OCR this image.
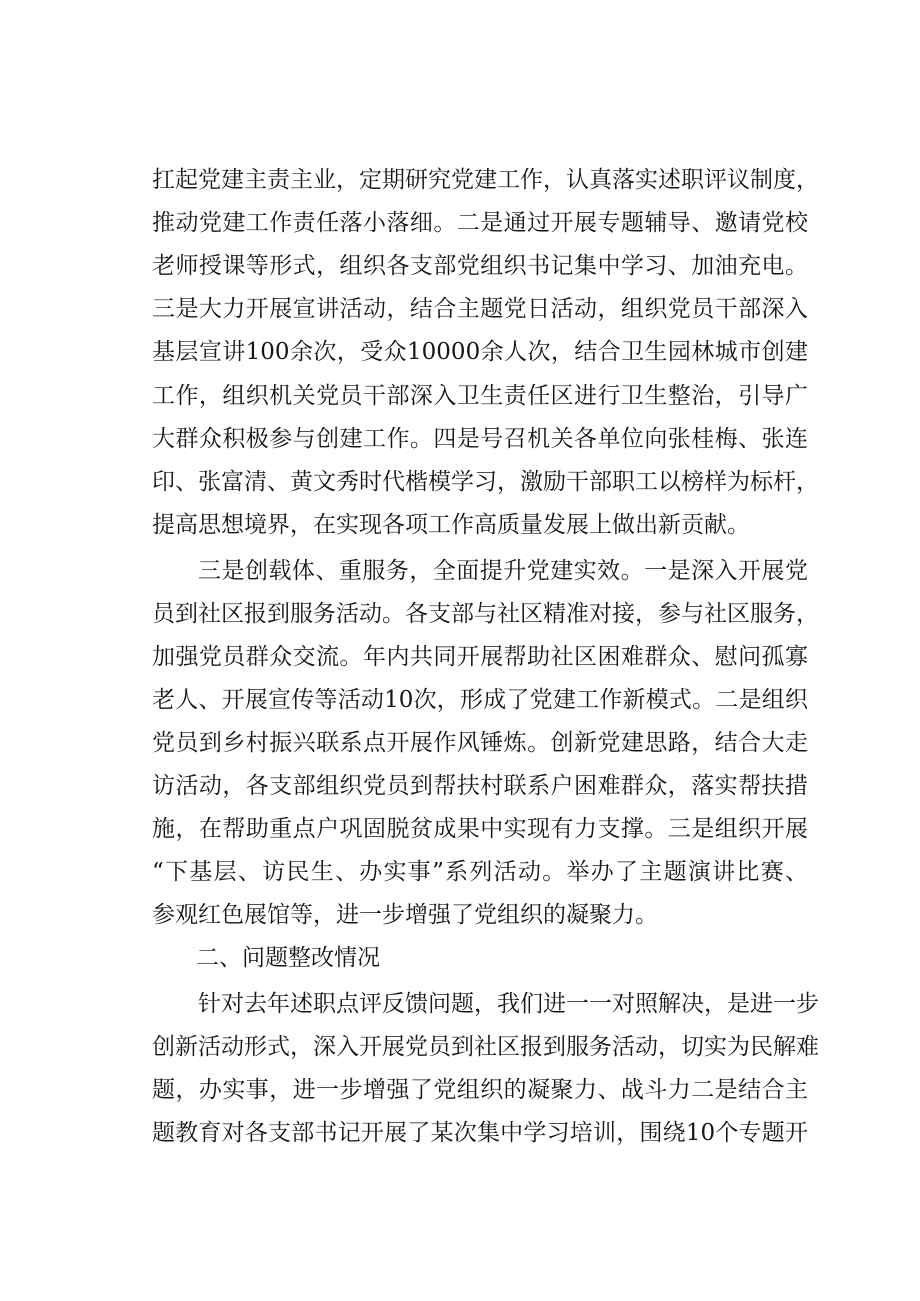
扛起党建主责主业，定期研究党建工作，认真落实述职评议制度，
推动党建工作责任落小落细。二是通过开展专题辅导、邀请党校
老师授课等形式，组织各支部党组织书记集中学习、加油充电。
三是大力开展宣讲活动，结合主题党日活动，组织党员干部深入
基层宣讲100余次，受众10000余人次，结合卫生园林城市创建
工作，组织机关党员干部深入卫生责任区进行卫生整治，引导广
大群众积极参与创建工作。四是号召机关各单位向张桂梅、张连
印、张富清、黄文秀时代楷模学习，激励干部职工以榜样为标杆，
提高思想境界，在实现各项工作高质量发展上做出新贡献。
三是创载体、重服务，全面提升党建实效。一是深入开展党
员到社区报到服务活动。各支部与社区精准对接，参与社区服务，
加强党员群众交流。年内共同开展帮助社区困难群众、慰问孤寡
老人、开展宣传等活动10次，形成了党建工作新模式。二是组织
党员到乡村振兴联系点开展作风锤炼。创新党建思路，结合大走
访活动，各支部组织党员到帮扶村联系户困难群众，落实帮扶措
施，在帮助重点户巩固脱贫成果中实现有力支撑。三是组织开展
“下基层、访民生、办实事”系列活动。举办了主题演讲比赛、
参观红色展馆等，进一步增强了党组织的凝聚力。
二、问题整改情况
针对去年述职点评反馈问题，我们进一一对照解决，是进一步
创新活动形式，深入开展党员到社区报到服务活动，切实为民解难
题，办实事，进一步增强了党组织的凝聚力、战斗力二是结合主
题教育对各支部书记开展了某次集中学习培训，围绕10个专题开
